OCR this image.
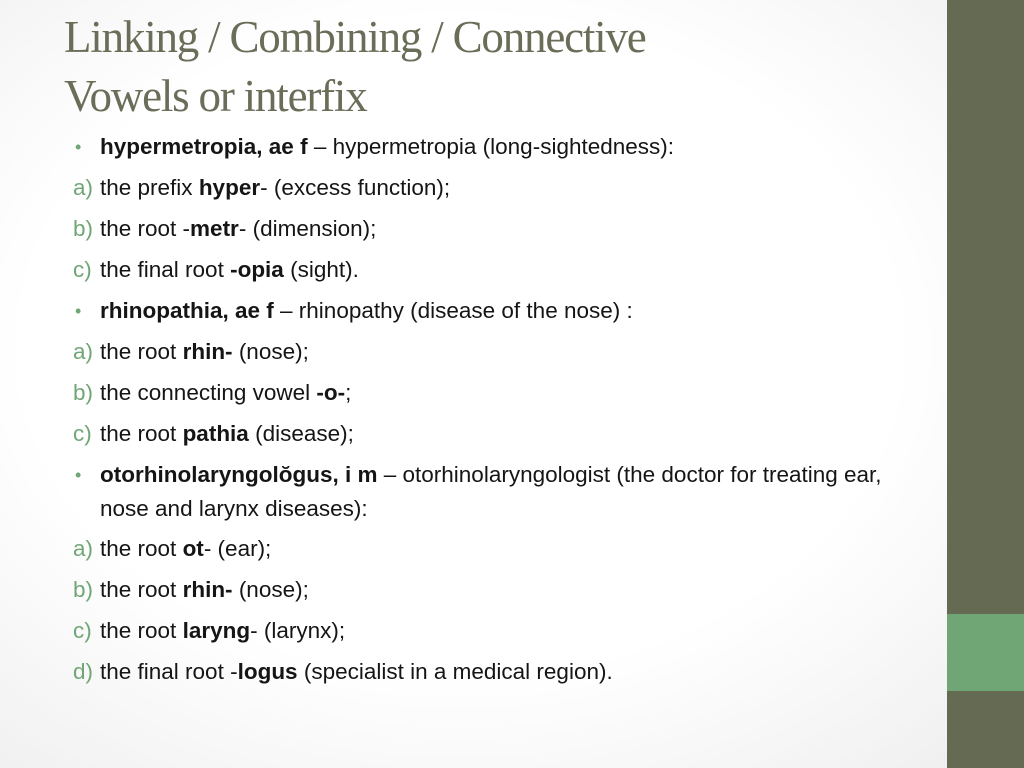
Linking / Combining / Connective
Vowels or interfix
• hypermetropia, ae f – hypermetropia (long-sightedness):
a) the prefix hyper- (excess function);
b) the root -metr- (dimension);
c) the final root -opia (sight).
• rhinopathia, ae f – rhinopathy (disease of the nose) :
a) the root rhin- (nose);
b) the connecting vowel -o-;
c) the root pathia (disease);
• otorhinolaryngolŏgus, i m – otorhinolaryngologist (the doctor for treating ear, nose and larynx diseases):
a) the root ot- (ear);
b) the root rhin- (nose);
c) the root laryng- (larynx);
d) the final root -logus (specialist in a medical region).
